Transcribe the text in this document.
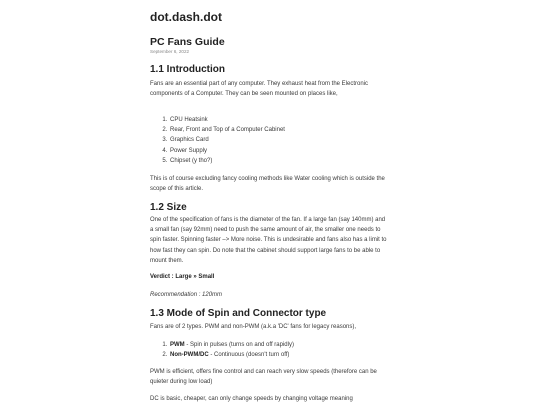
dot.dash.dot
PC Fans Guide
September 6, 2022
1.1 Introduction

Fans are an essential part of any computer. They exhaust heat from the Electronic components of a Computer. They can be seen mounted on places like,

1. CPU Heatsink
2. Rear, Front and Top of a Computer Cabinet
3. Graphics Card
4. Power Supply
5. Chipset (y tho?)

This is of course excluding fancy cooling methods like Water cooling which is outside the scope of this article.

1.2 Size

One of the specification of fans is the diameter of the fan. If a large fan (say 140mm) and a small fan (say 92mm) need to push the same amount of air, the smaller one needs to spin faster. Spinning faster –> More noise. This is undesirable and fans also has a limit to how fast they can spin. Do note that the cabinet should support large fans to be able to mount them.

Verdict : Large » Small

Recommendation : 120mm

1.3 Mode of Spin and Connector type

Fans are of 2 types. PWM and non-PWM (a.k.a 'DC' fans for legacy reasons),

1. PWM - Spin in pulses (turns on and off rapidly)
2. Non-PWM/DC - Continuous (doesn't turn off)

PWM is efficient, offers fine control and can reach very slow speeds (therefore can be quieter during low load)

DC is basic, cheaper, can only change speeds by changing voltage meaning
